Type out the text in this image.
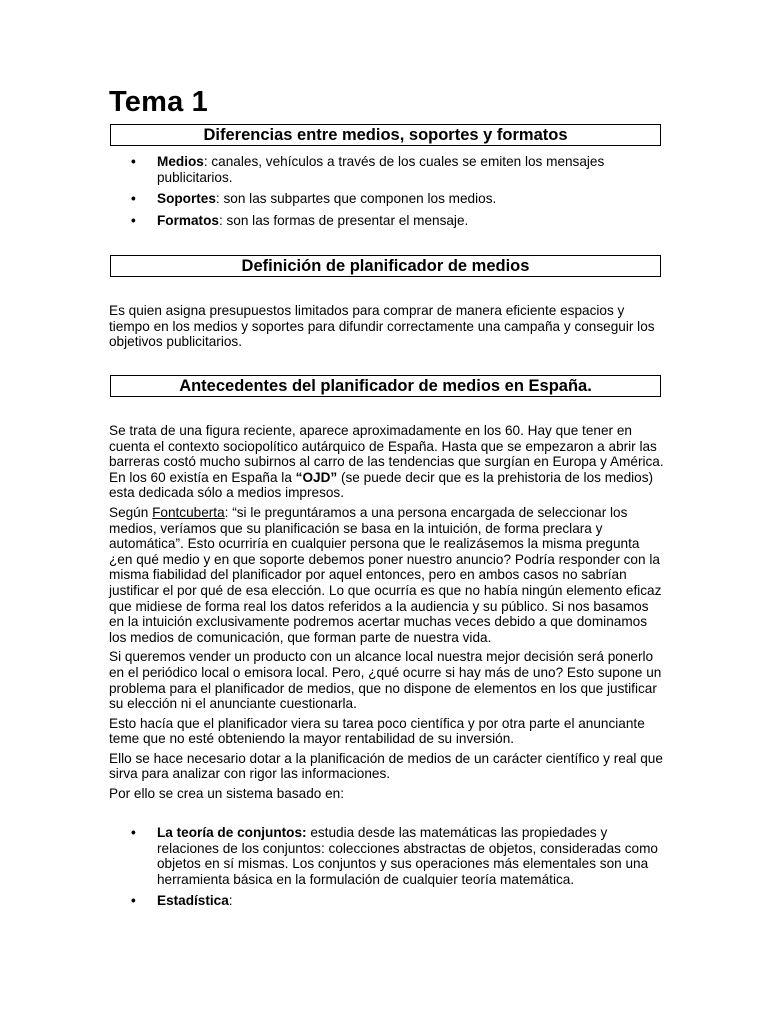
Tema 1
Diferencias entre medios, soportes y formatos
• Medios: canales, vehículos a través de los cuales se emiten los mensajes publicitarios.
• Soportes: son las subpartes que componen los medios.
• Formatos: son las formas de presentar el mensaje.
Definición de planificador de medios

Es quien asigna presupuestos limitados para comprar de manera eficiente espacios y tiempo en los medios y soportes para difundir correctamente una campaña y conseguir los objetivos publicitarios.

Antecedentes del planificador de medios en España.

Se trata de una figura reciente, aparece aproximadamente en los 60. Hay que tener en cuenta el contexto sociopolítico autárquico de España. Hasta que se empezaron a abrir las barreras costó mucho subirnos al carro de las tendencias que surgían en Europa y América. En los 60 existía en España la “OJD” (se puede decir que es la prehistoria de los medios) esta dedicada sólo a medios impresos.

Según Fontcuberta: “si le preguntáramos a una persona encargada de seleccionar los medios, veríamos que su planificación se basa en la intuición, de forma preclara y automática”. Esto ocurriría en cualquier persona que le realizásemos la misma pregunta ¿en qué medio y en que soporte debemos poner nuestro anuncio? Podría responder con la misma fiabilidad del planificador por aquel entonces, pero en ambos casos no sabrían justificar el por qué de esa elección. Lo que ocurría es que no había ningún elemento eficaz que midiese de forma real los datos referidos a la audiencia y su público. Si nos basamos en la intuición exclusivamente podremos acertar muchas veces debido a que dominamos los medios de comunicación, que forman parte de nuestra vida.

Si queremos vender un producto con un alcance local nuestra mejor decisión será ponerlo en el periódico local o emisora local. Pero, ¿qué ocurre si hay más de uno? Esto supone un problema para el planificador de medios, que no dispone de elementos en los que justificar su elección ni el anunciante cuestionarla.

Esto hacía que el planificador viera su tarea poco científica y por otra parte el anunciante teme que no esté obteniendo la mayor rentabilidad de su inversión.

Ello se hace necesario dotar a la planificación de medios de un carácter científico y real que sirva para analizar con rigor las informaciones.

Por ello se crea un sistema basado en:

• La teoría de conjuntos: estudia desde las matemáticas las propiedades y relaciones de los conjuntos: colecciones abstractas de objetos, consideradas como objetos en sí mismas. Los conjuntos y sus operaciones más elementales son una herramienta básica en la formulación de cualquier teoría matemática.
• Estadística:
